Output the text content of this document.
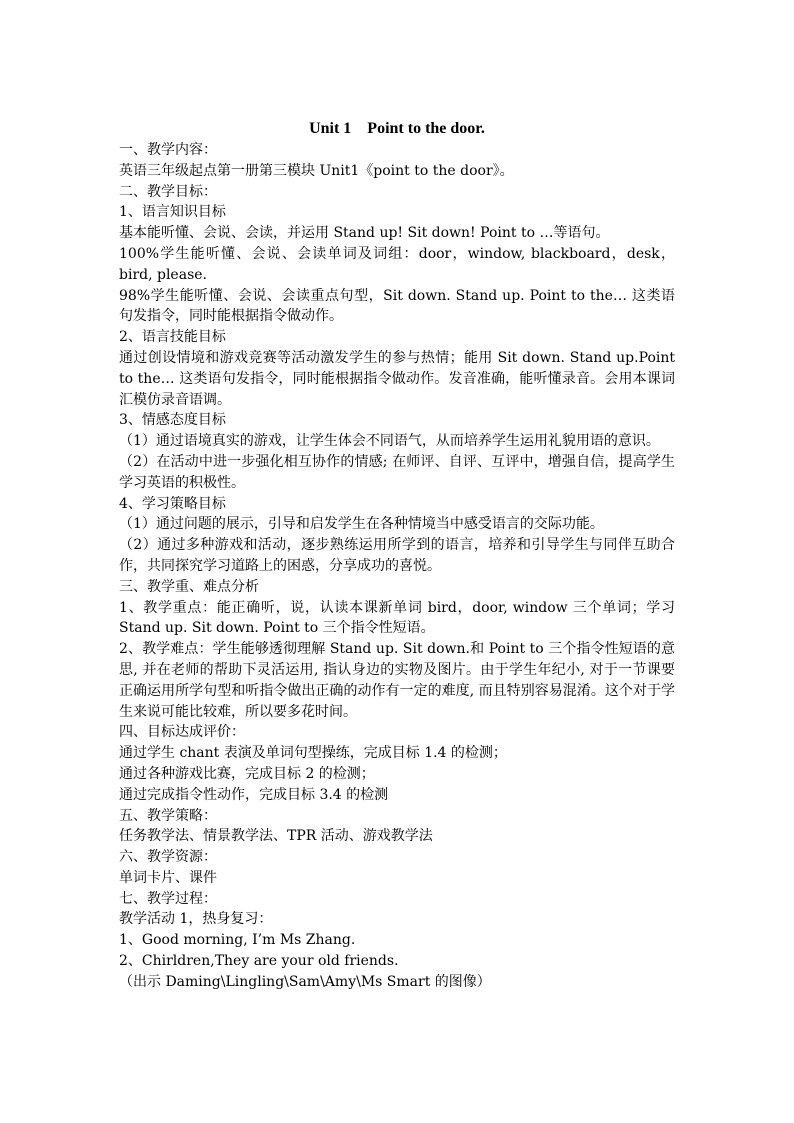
Unit 1    Point to the door.
一、教学内容：
英语三年级起点第一册第三模块 Unit1《point to the door》。
二、教学目标：
1、语言知识目标
基本能听懂、会说、会读，并运用 Stand up! Sit down! Point to …等语句。
100%学生能听懂、会说、会读单词及词组：door，window, blackboard，desk，bird, please.
98%学生能听懂、会说、会读重点句型，Sit down. Stand up. Point to the… 这类语句发指令，同时能根据指令做动作。
2、语言技能目标
通过创设情境和游戏竞赛等活动激发学生的参与热情；能用 Sit down. Stand up.Point to the… 这类语句发指令，同时能根据指令做动作。发音准确，能听懂录音。会用本课词汇模仿录音语调。
3、情感态度目标
（1）通过语境真实的游戏，让学生体会不同语气，从而培养学生运用礼貌用语的意识。
（2）在活动中进一步强化相互协作的情感; 在师评、自评、互评中，增强自信，提高学生学习英语的积极性。
4、学习策略目标
（1）通过问题的展示，引导和启发学生在各种情境当中感受语言的交际功能。
（2）通过多种游戏和活动，逐步熟练运用所学到的语言，培养和引导学生与同伴互助合作，共同探究学习道路上的困惑，分享成功的喜悦。
三、教学重、难点分析
1、教学重点：能正确听，说，认读本课新单词 bird，door, window 三个单词；学习 Stand up. Sit down. Point to 三个指令性短语。
2、教学难点：学生能够透彻理解 Stand up. Sit down.和 Point to 三个指令性短语的意思, 并在老师的帮助下灵活运用, 指认身边的实物及图片。由于学生年纪小, 对于一节课要正确运用所学句型和听指令做出正确的动作有一定的难度, 而且特别容易混淆。这个对于学生来说可能比较难，所以要多花时间。
四、目标达成评价：
通过学生 chant 表演及单词句型操练，完成目标 1.4 的检测；
通过各种游戏比赛，完成目标 2 的检测；
通过完成指令性动作，完成目标 3.4 的检测
五、教学策略：
任务教学法、情景教学法、TPR 活动、游戏教学法
六、教学资源：
单词卡片、课件
七、教学过程：
教学活动 1，热身复习：
1、Good morning, I’m Ms Zhang.
2、Chirldren,They are your old friends.
（出示 Daming\Lingling\Sam\Amy\Ms Smart 的图像）
